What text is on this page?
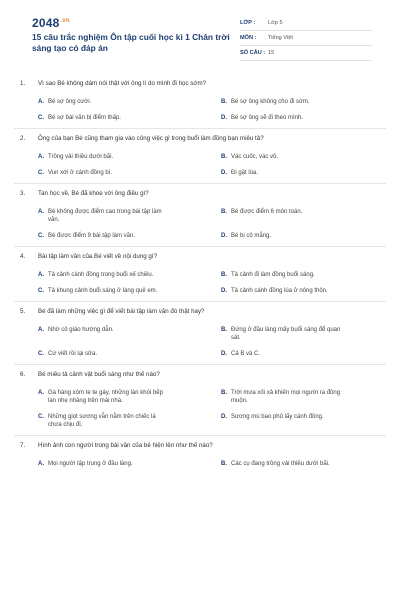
$2048^{.vn}$
15 câu trắc nghiệm Ôn tập cuối học kì 1 Chân trời sáng tạo có đáp án
LỚP :	Lớp 5
MÔN :	Tiếng Việt
SỐ CÂU : 15
1.	Vì sao Bé không dám nói thật với ông lí do mình đi học sớm?
A. Bé sợ ông cười.	B. Bé sợ ông không cho đi sớm.
C. Bé sợ bài văn bị điểm thấp.	D. Bé sợ ông sẽ đi theo mình.
2.	Ông của bạn Bé cũng tham gia vào công việc gì trong buổi làm đồng bạn miêu tả?
A. Trồng vải thiều dưới bãi.	B. Vác cuốc, vác vồ.
C. Vun xới ở cánh đồng bí.	D. Đi gặt lúa.
3.	Tan học về, Bé đã khoe với ông điều gì?
A. Bé không được điểm cao trong bài tập làm văn.
B. Bé được điểm 6 môn toán.
C. Bé được điểm 9 bài tập làm văn.	D. Bé bị cô mắng.
4.	Bài tập làm văn của Bé viết về nội dung gì?
A. Tả cảnh cánh đồng trong buổi xế chiều.	B. Tả cảnh đi làm đồng buổi sáng.
C. Tả khung cảnh buổi sáng ở làng quê em.	D. Tả cảnh cánh đồng lúa ở nông thôn.
5.	Bé đã làm những việc gì để viết bài tập làm văn đó thật hay?
A. Nhờ cô giáo hướng dẫn.	B. Đứng ở đầu làng mấy buổi sáng để quan sát.
C. Cứ viết rồi lại sửa.	D. Cả B và C.
6.	Bé miêu tả cảnh vật buổi sáng như thế nào?
A. Gà hàng xóm te te gáy, những làn khói bếp lan nhẹ nhàng trên mái nhà.
B. Trời mưa xối xả khiến mọi người ra đồng muộn.
C. Những giọt sương vẫn nằm trên chiếc lá chưa chịu đi.
D. Sương mù bao phủ lấy cánh đồng.
7.	Hình ảnh con người trong bài văn của bé hiện lên như thế nào?
A. Mọi người tập trung ở đầu làng.	B. Các cụ đang trồng vải thiều dưới bãi.
